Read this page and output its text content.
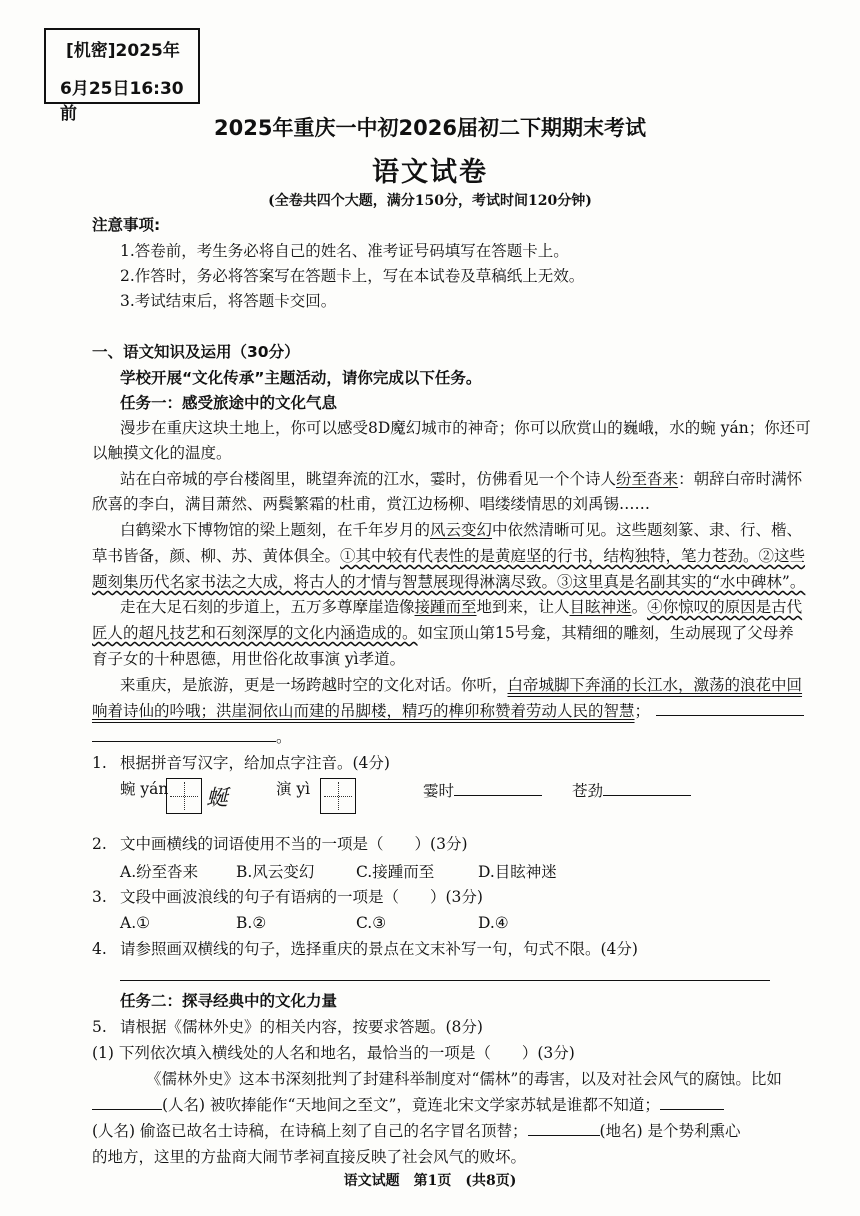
[机密]2025年
6月25日16:30前
2025年重庆一中初2026届初二下期期末考试
语文试卷
(全卷共四个大题，满分150分，考试时间120分钟)
注意事项:
1.答卷前，考生务必将自己的姓名、准考证号码填写在答题卡上。
2.作答时，务必将答案写在答题卡上，写在本试卷及草稿纸上无效。
3.考试结束后，将答题卡交回。
一、语文知识及运用（30分）
学校开展“文化传承”主题活动，请你完成以下任务。
任务一：感受旅途中的文化气息
漫步在重庆这块土地上，你可以感受8D魔幻城市的神奇；你可以欣赏山的巍峨，水的蜿 yán；你还可
以触摸文化的温度。
站在白帝城的亭台楼阁里，眺望奔流的江水，霎时，仿佛看见一个个诗人纷至沓来：朝辞白帝时满怀
欣喜的李白，满目萧然、两鬓繁霜的杜甫，赏江边杨柳、唱缕缕情思的刘禹锡……
白鹤梁水下博物馆的梁上题刻，在千年岁月的风云变幻中依然清晰可见。这些题刻篆、隶、行、楷、
草书皆备，颜、柳、苏、黄体俱全。①其中较有代表性的是黄庭坚的行书，结构独特，笔力苍劲。②这些
题刻集历代名家书法之大成，将古人的才情与智慧展现得淋漓尽致。③这里真是名副其实的“水中碑林”。
走在大足石刻的步道上，五万多尊摩崖造像接踵而至地到来，让人目眩神迷。④你惊叹的原因是古代
匠人的超凡技艺和石刻深厚的文化内涵造成的。如宝顶山第15号龛，其精细的雕刻，生动展现了父母养
育子女的十种恩德，用世俗化故事演 yì孝道。
来重庆，是旅游，更是一场跨越时空的文化对话。你听，白帝城脚下奔涌的长江水，激荡的浪花中回
响着诗仙的吟哦；洪崖洞依山而建的吊脚楼，精巧的榫卯称赞着劳动人民的智慧；
。
1. 根据拼音写汉字，给加点字注音。(4分)
蜿 yán 蜒	演 yì	霎时	苍劲
2. 文中画横线的词语使用不当的一项是（　　）(3分)
A.纷至沓来 B.风云变幻	C.接踵而至	D.目眩神迷
3. 文段中画波浪线的句子有语病的一项是（　　）(3分)
A.①	B.②	C.③	D.④
4. 请参照画双横线的句子，选择重庆的景点在文末补写一句，句式不限。(4分)
任务二：探寻经典中的文化力量
5. 请根据《儒林外史》的相关内容，按要求答题。(8分)
(1) 下列依次填入横线处的人名和地名，最恰当的一项是（　　）(3分)
《儒林外史》这本书深刻批判了封建科举制度对“儒林”的毒害，以及对社会风气的腐蚀。比如
(人名) 被吹捧能作“天地间之至文”，竟连北宋文学家苏轼是谁都不知道；
(人名) 偷盗已故名士诗稿，在诗稿上刻了自己的名字冒名顶替；	(地名) 是个势利熏心
的地方，这里的方盐商大闹节孝祠直接反映了社会风气的败坏。
语文试题　第1页　(共8页)
